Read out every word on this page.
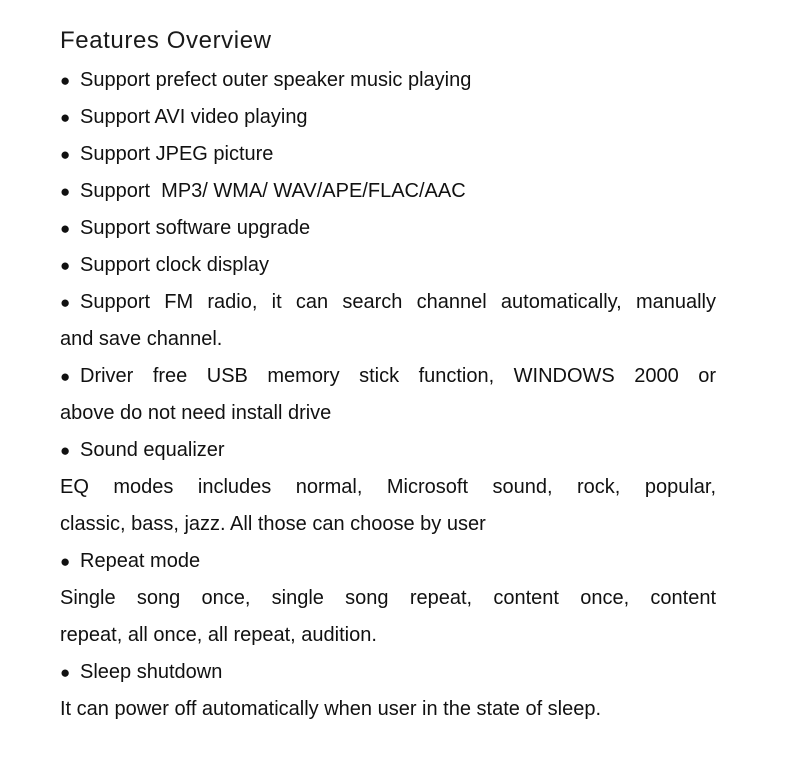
Features Overview
● Support prefect outer speaker music playing
● Support AVI video playing
● Support JPEG picture
● Support  MP3/ WMA/ WAV/APE/FLAC/AAC
● Support software upgrade
● Support clock display
● Support FM radio, it can search channel automatically, manually
and save channel.
● Driver free USB memory stick function, WINDOWS 2000 or
above do not need install drive
● Sound equalizer
EQ modes includes normal, Microsoft sound, rock, popular,
classic, bass, jazz. All those can choose by user
● Repeat mode
Single song once, single song repeat, content once, content
repeat, all once, all repeat, audition.
● Sleep shutdown
It can power off automatically when user in the state of sleep.
